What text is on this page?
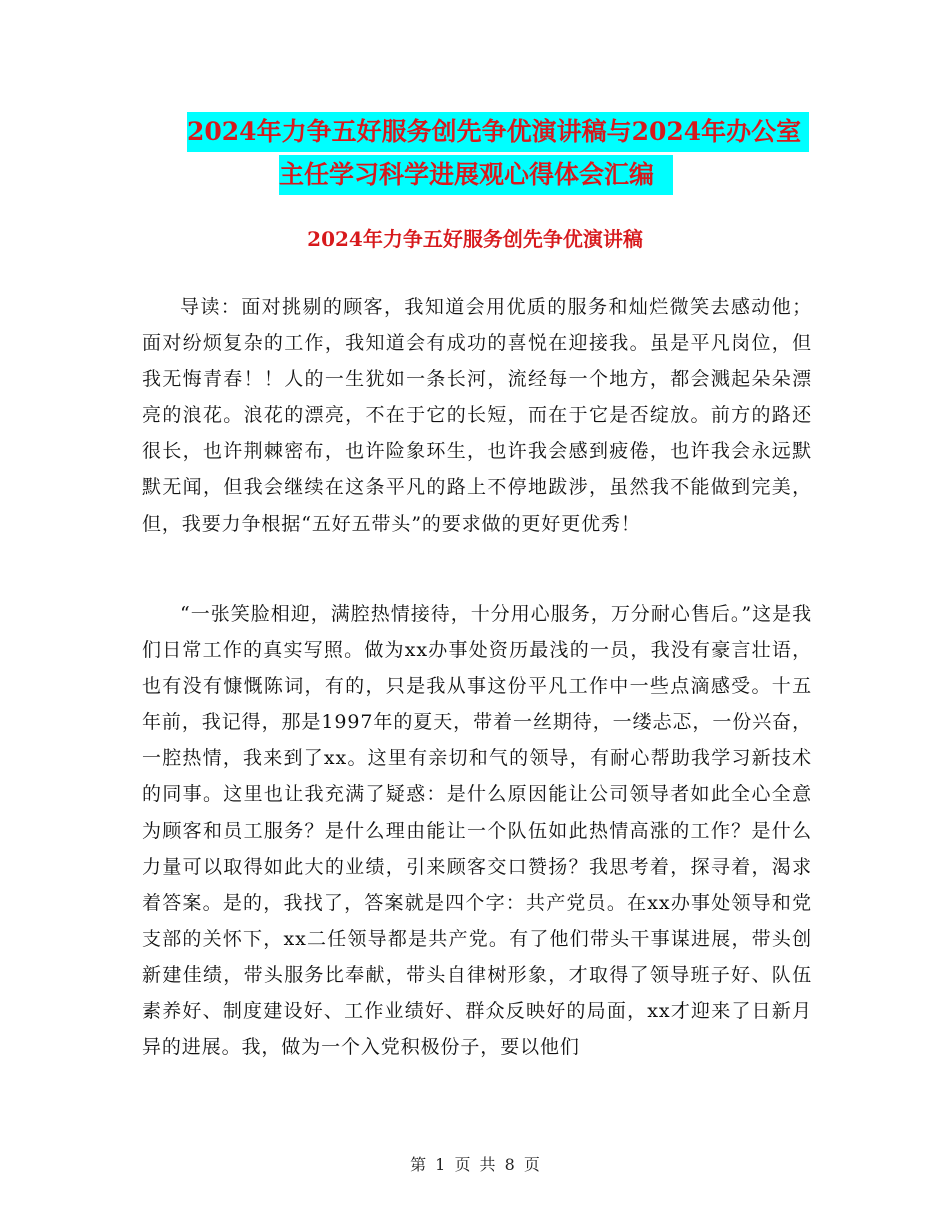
2024年力争五好服务创先争优演讲稿与2024年办公室
主任学习科学进展观心得体会汇编
2024年力争五好服务创先争优演讲稿
导读：面对挑剔的顾客，我知道会用优质的服务和灿烂微笑去感动他；面对纷烦复杂的工作，我知道会有成功的喜悦在迎接我。虽是平凡岗位，但我无悔青春！！人的一生犹如一条长河，流经每一个地方，都会溅起朵朵漂亮的浪花。浪花的漂亮，不在于它的长短，而在于它是否绽放。前方的路还很长，也许荆棘密布，也许险象环生，也许我会感到疲倦，也许我会永远默默无闻，但我会继续在这条平凡的路上不停地跋涉，虽然我不能做到完美，但，我要力争根据“五好五带头”的要求做的更好更优秀！
“一张笑脸相迎，满腔热情接待，十分用心服务，万分耐心售后。”这是我们日常工作的真实写照。做为xx办事处资历最浅的一员，我没有豪言壮语，也有没有慷慨陈词，有的，只是我从事这份平凡工作中一些点滴感受。十五年前，我记得，那是1997年的夏天，带着一丝期待，一缕忐忑，一份兴奋，一腔热情，我来到了xx。这里有亲切和气的领导，有耐心帮助我学习新技术的同事。这里也让我充满了疑惑：是什么原因能让公司领导者如此全心全意为顾客和员工服务？是什么理由能让一个队伍如此热情高涨的工作？是什么力量可以取得如此大的业绩，引来顾客交口赞扬？我思考着，探寻着，渴求着答案。是的，我找了，答案就是四个字：共产党员。在xx办事处领导和党支部的关怀下，xx二任领导都是共产党。有了他们带头干事谋进展，带头创新建佳绩，带头服务比奉献，带头自律树形象，才取得了领导班子好、队伍素养好、制度建设好、工作业绩好、群众反映好的局面，xx才迎来了日新月异的进展。我，做为一个入党积极份子，要以他们
第 1 页 共 8 页
